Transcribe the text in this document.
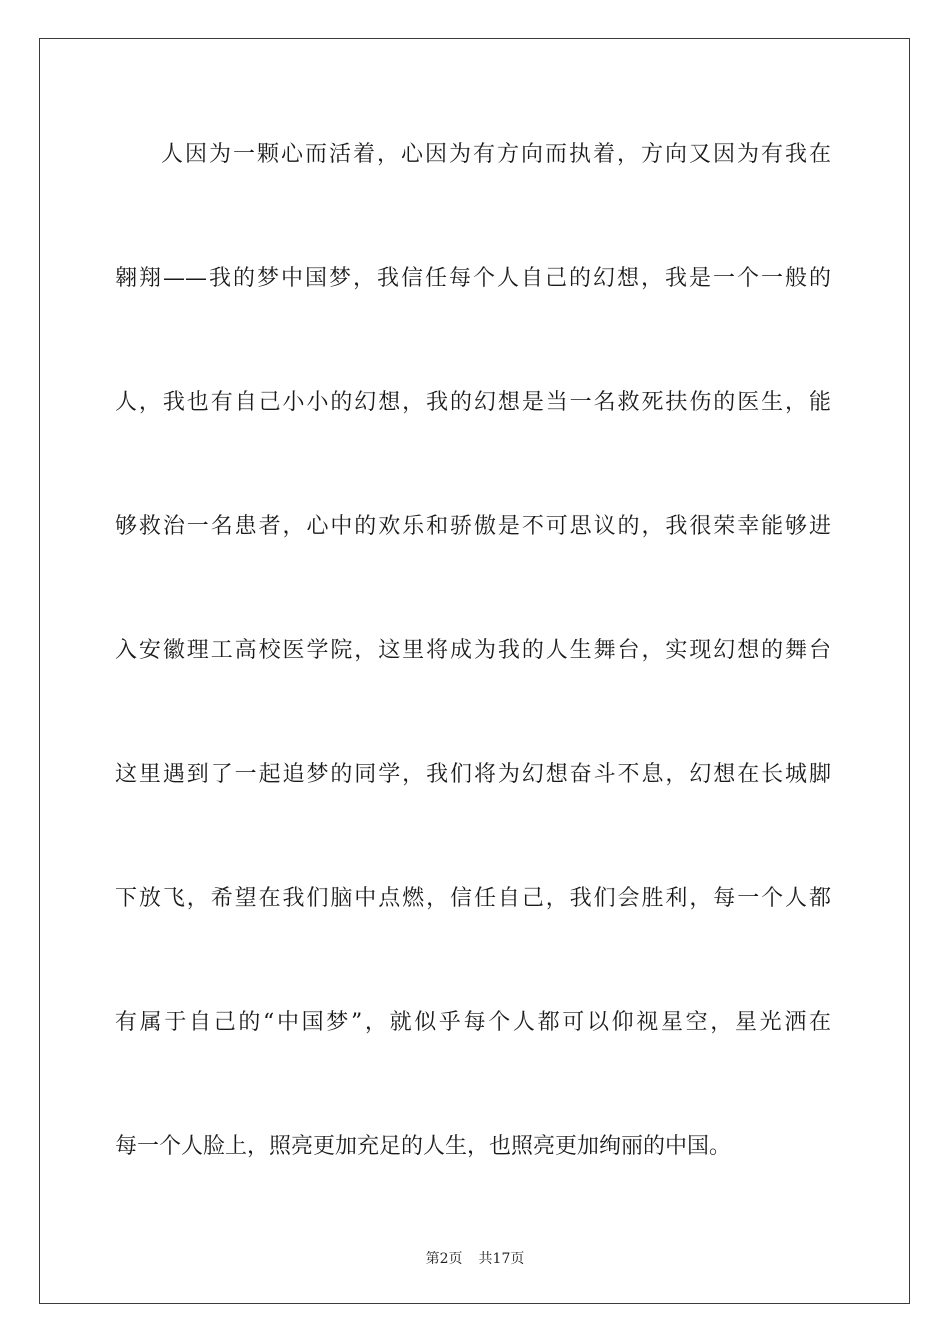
人因为一颗心而活着，心因为有方向而执着，方向又因为有我在
翱翔——我的梦中国梦，我信任每个人自己的幻想，我是一个一般的
人，我也有自己小小的幻想，我的幻想是当一名救死扶伤的医生，能
够救治一名患者，心中的欢乐和骄傲是不可思议的，我很荣幸能够进
入安徽理工高校医学院，这里将成为我的人生舞台，实现幻想的舞台
这里遇到了一起追梦的同学，我们将为幻想奋斗不息，幻想在长城脚
下放飞，希望在我们脑中点燃，信任自己，我们会胜利，每一个人都
有属于自己的“中国梦”，就似乎每个人都可以仰视星空，星光洒在
每一个人脸上，照亮更加充足的人生，也照亮更加绚丽的中国。
第2页 共17页
